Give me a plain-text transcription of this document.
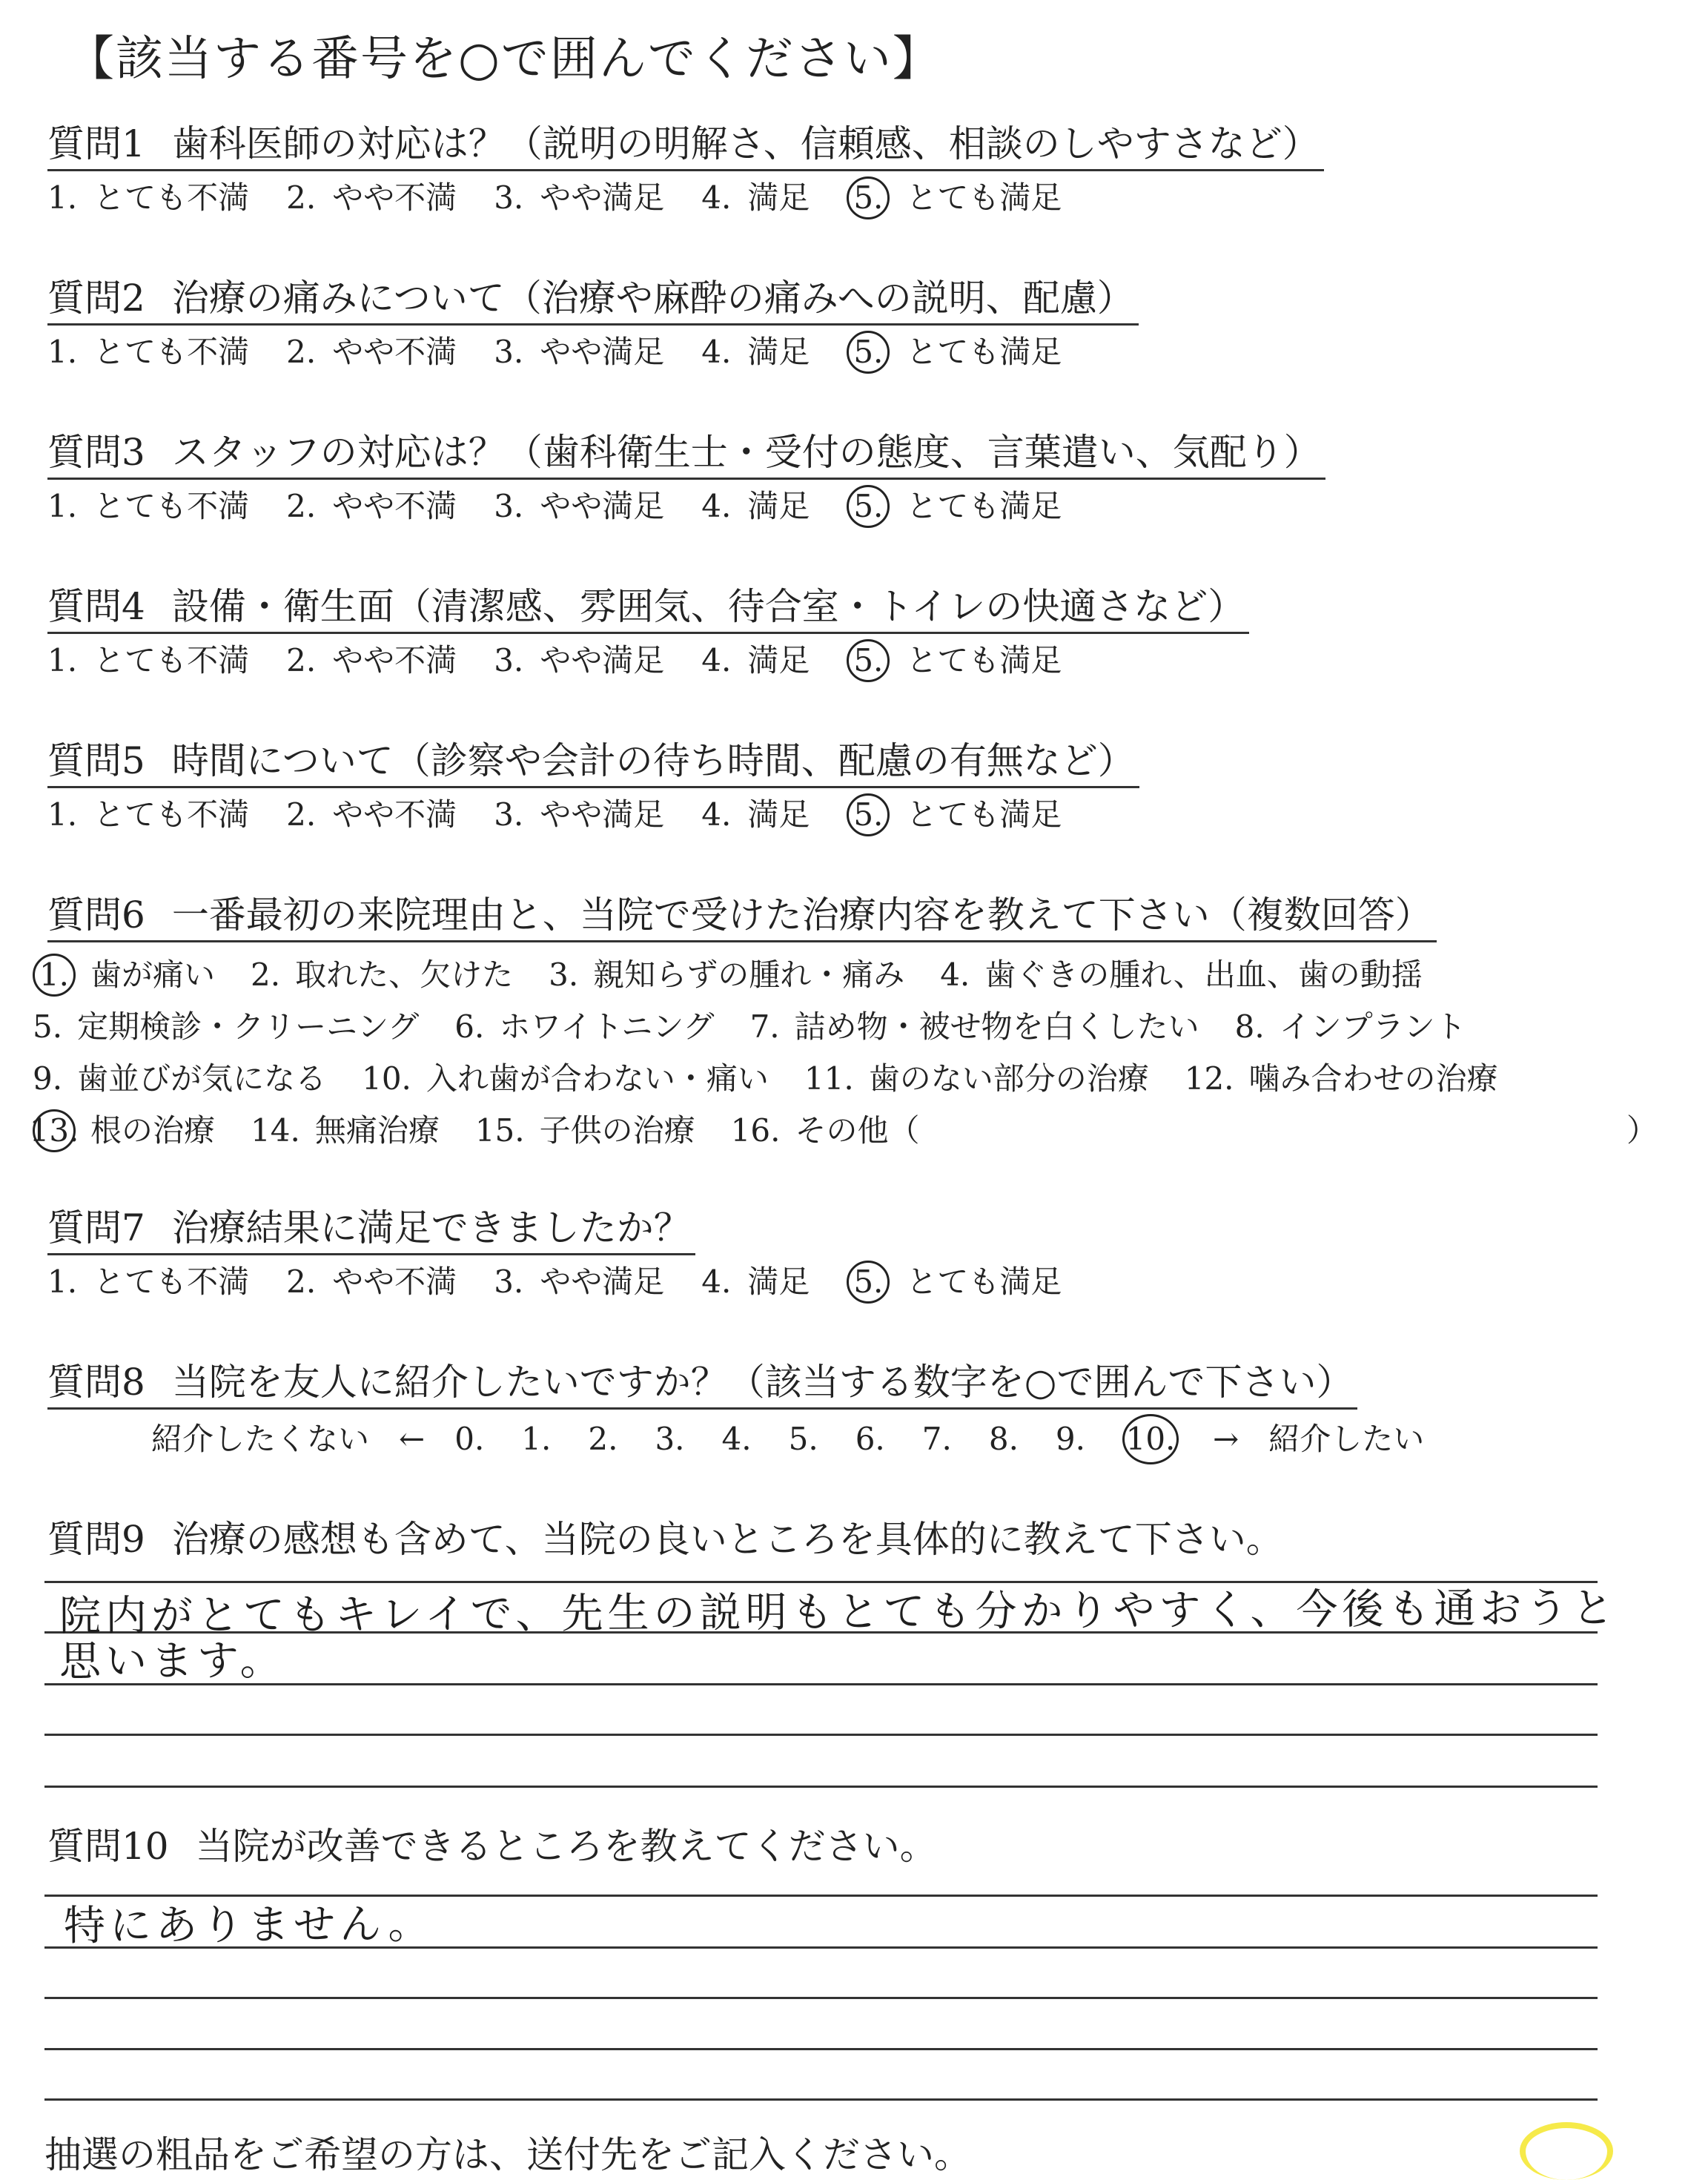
【該当する番号を○で囲んでください】
質問1 歯科医師の対応は？（説明の明解さ、信頼感、相談のしやすさなど）
1. とても不満 2. やや不満 3. やや満足 4. 満足 5. とても満足
質問2 治療の痛みについて（治療や麻酔の痛みへの説明、配慮）
1. とても不満 2. やや不満 3. やや満足 4. 満足 5. とても満足
質問3 スタッフの対応は？（歯科衛生士・受付の態度、言葉遣い、気配り）
1. とても不満 2. やや不満 3. やや満足 4. 満足 5. とても満足
質問4 設備・衛生面（清潔感、雰囲気、待合室・トイレの快適さなど）
1. とても不満 2. やや不満 3. やや満足 4. 満足 5. とても満足
質問5 時間について（診察や会計の待ち時間、配慮の有無など）
1. とても不満 2. やや不満 3. やや満足 4. 満足 5. とても満足
質問6 一番最初の来院理由と、当院で受けた治療内容を教えて下さい（複数回答）
1. 歯が痛い 2. 取れた、欠けた 3. 親知らずの腫れ・痛み 4. 歯ぐきの腫れ、出血、歯の動揺
5. 定期検診・クリーニング 6. ホワイトニング 7. 詰め物・被せ物を白くしたい 8. インプラント
9. 歯並びが気になる 10. 入れ歯が合わない・痛い 11. 歯のない部分の治療 12. 噛み合わせの治療
13. 根の治療 14. 無痛治療 15. 子供の治療 16. その他（	）
質問7 治療結果に満足できましたか？
1. とても不満 2. やや不満 3. やや満足 4. 満足 5. とても満足
質問8 当院を友人に紹介したいですか？（該当する数字を○で囲んで下さい）
紹介したくない ← 0. 1. 2. 3. 4. 5. 6. 7. 8. 9. 10. → 紹介したい
質問9 治療の感想も含めて、当院の良いところを具体的に教えて下さい。
院内がとてもキレイで、先生の説明もとても分かりやすく、今後も通おうと
思います。
質問10 当院が改善できるところを教えてください。
特にありません。
抽選の粗品をご希望の方は、送付先をご記入ください。
